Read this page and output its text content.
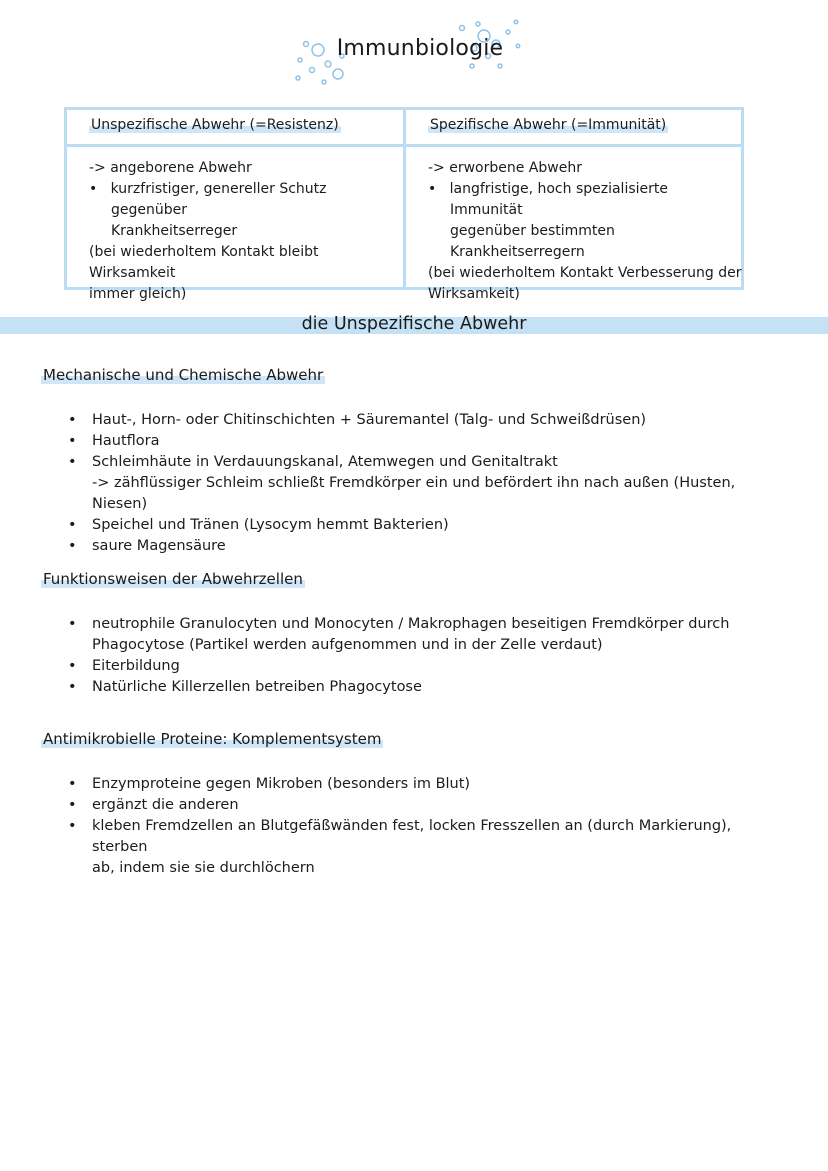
Immunbiologie
Unspezifische Abwehr (=Resistenz)	Spezifische Abwehr (=Immunität)

-> angeborene Abwehr

•   kurzfristiger, genereller Schutz gegenüber

Krankheitserreger

(bei wiederholtem Kontakt bleibt Wirksamkeit

immer gleich)

-> erworbene Abwehr

•   langfristige, hoch spezialisierte Immunität

gegenüber bestimmten Krankheitserregern

(bei wiederholtem Kontakt Verbesserung der

Wirksamkeit)

die Unspezifische Abwehr
Mechanische und Chemische Abwehr
• Haut-, Horn- oder Chitinschichten + Säuremantel (Talg- und Schweißdrüsen)
• Hautflora
• Schleimhäute in Verdauungskanal, Atemwegen und Genitaltrakt
-> zähflüssiger Schleim schließt Fremdkörper ein und befördert ihn nach außen (Husten, Niesen)
• Speichel und Tränen (Lysocym hemmt Bakterien)
• saure Magensäure
Funktionsweisen der Abwehrzellen
• neutrophile Granulocyten und Monocyten / Makrophagen beseitigen Fremdkörper durch
Phagocytose (Partikel werden aufgenommen und in der Zelle verdaut)
• Eiterbildung
• Natürliche Killerzellen betreiben Phagocytose
Antimikrobielle Proteine: Komplementsystem
• Enzymproteine gegen Mikroben (besonders im Blut)
• ergänzt die anderen
• kleben Fremdzellen an Blutgefäßwänden fest, locken Fresszellen an (durch Markierung), sterben
ab, indem sie sie durchlöchern
